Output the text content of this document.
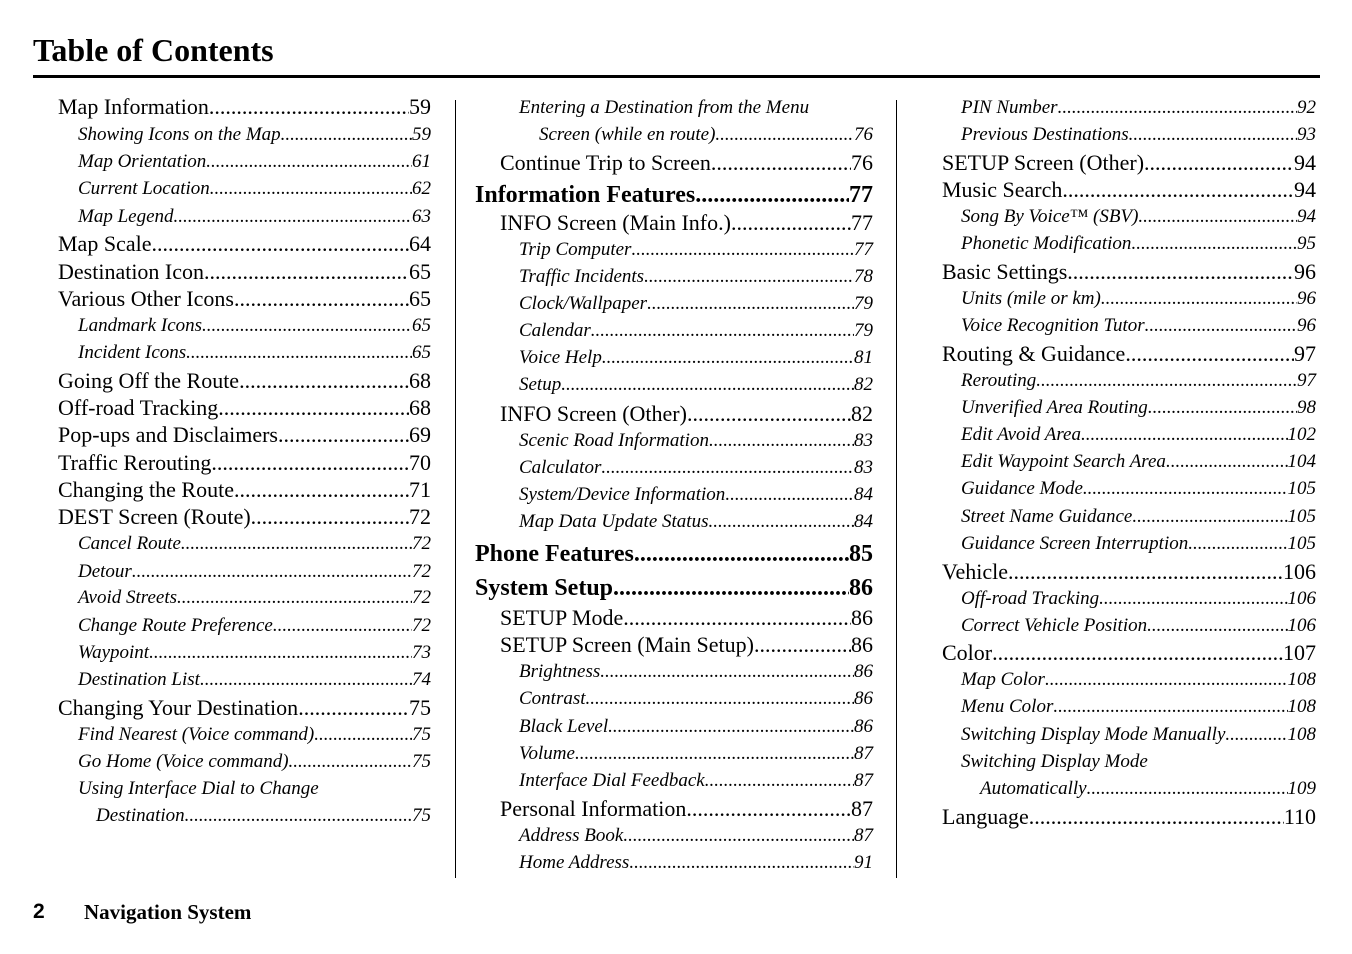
Table of Contents
Map Information .....	59
Showing Icons on the Map .....	59
Map Orientation .....	61
Current Location .....	62
Map Legend .....	63
Map Scale .....	64
Destination Icon .....	65
Various Other Icons .....	65
Landmark Icons .....	65
Incident Icons .....	65
Going Off the Route .....	68
Off-road Tracking .....	68
Pop-ups and Disclaimers .....	69
Traffic Rerouting .....	70
Changing the Route .....	71
DEST Screen (Route) .....	72
Cancel Route .....	72
Detour .....	72
Avoid Streets .....	72
Change Route Preference .....	72
Waypoint .....	73
Destination List .....	74
Changing Your Destination .....	75
Find Nearest (Voice command) .....	75
Go Home (Voice command) .....	75
Using Interface Dial to Change
Destination .....	75
Entering a Destination from the Menu
Screen (while en route) .....	76
Continue Trip to Screen .....	76
Information Features .....	77
INFO Screen (Main Info.) .....	77
Trip Computer .....	77
Traffic Incidents .....	78
Clock/Wallpaper .....	79
Calendar .....	79
Voice Help .....	81
Setup .....	82
INFO Screen (Other) .....	82
Scenic Road Information .....	83
Calculator .....	83
System/Device Information .....	84
Map Data Update Status .....	84
Phone Features .....	85
System Setup .....	86
SETUP Mode .....	86
SETUP Screen (Main Setup) .....	86
Brightness .....	86
Contrast .....	86
Black Level .....	86
Volume .....	87
Interface Dial Feedback .....	87
Personal Information .....	87
Address Book .....	87
Home Address .....	91
PIN Number .....	92
Previous Destinations .....	93
SETUP Screen (Other) .....	94
Music Search .....	94
Song By Voice™ (SBV) .....	94
Phonetic Modification .....	95
Basic Settings .....	96
Units (mile or km) .....	96
Voice Recognition Tutor .....	96
Routing & Guidance .....	97
Rerouting .....	97
Unverified Area Routing .....	98
Edit Avoid Area .....	102
Edit Waypoint Search Area .....	104
Guidance Mode .....	105
Street Name Guidance .....	105
Guidance Screen Interruption .....	105
Vehicle .....	106
Off-road Tracking .....	106
Correct Vehicle Position .....	106
Color .....	107
Map Color .....	108
Menu Color .....	108
Switching Display Mode Manually .....	108
Switching Display Mode
Automatically .....	109
Language .....	110
2 Navigation System
